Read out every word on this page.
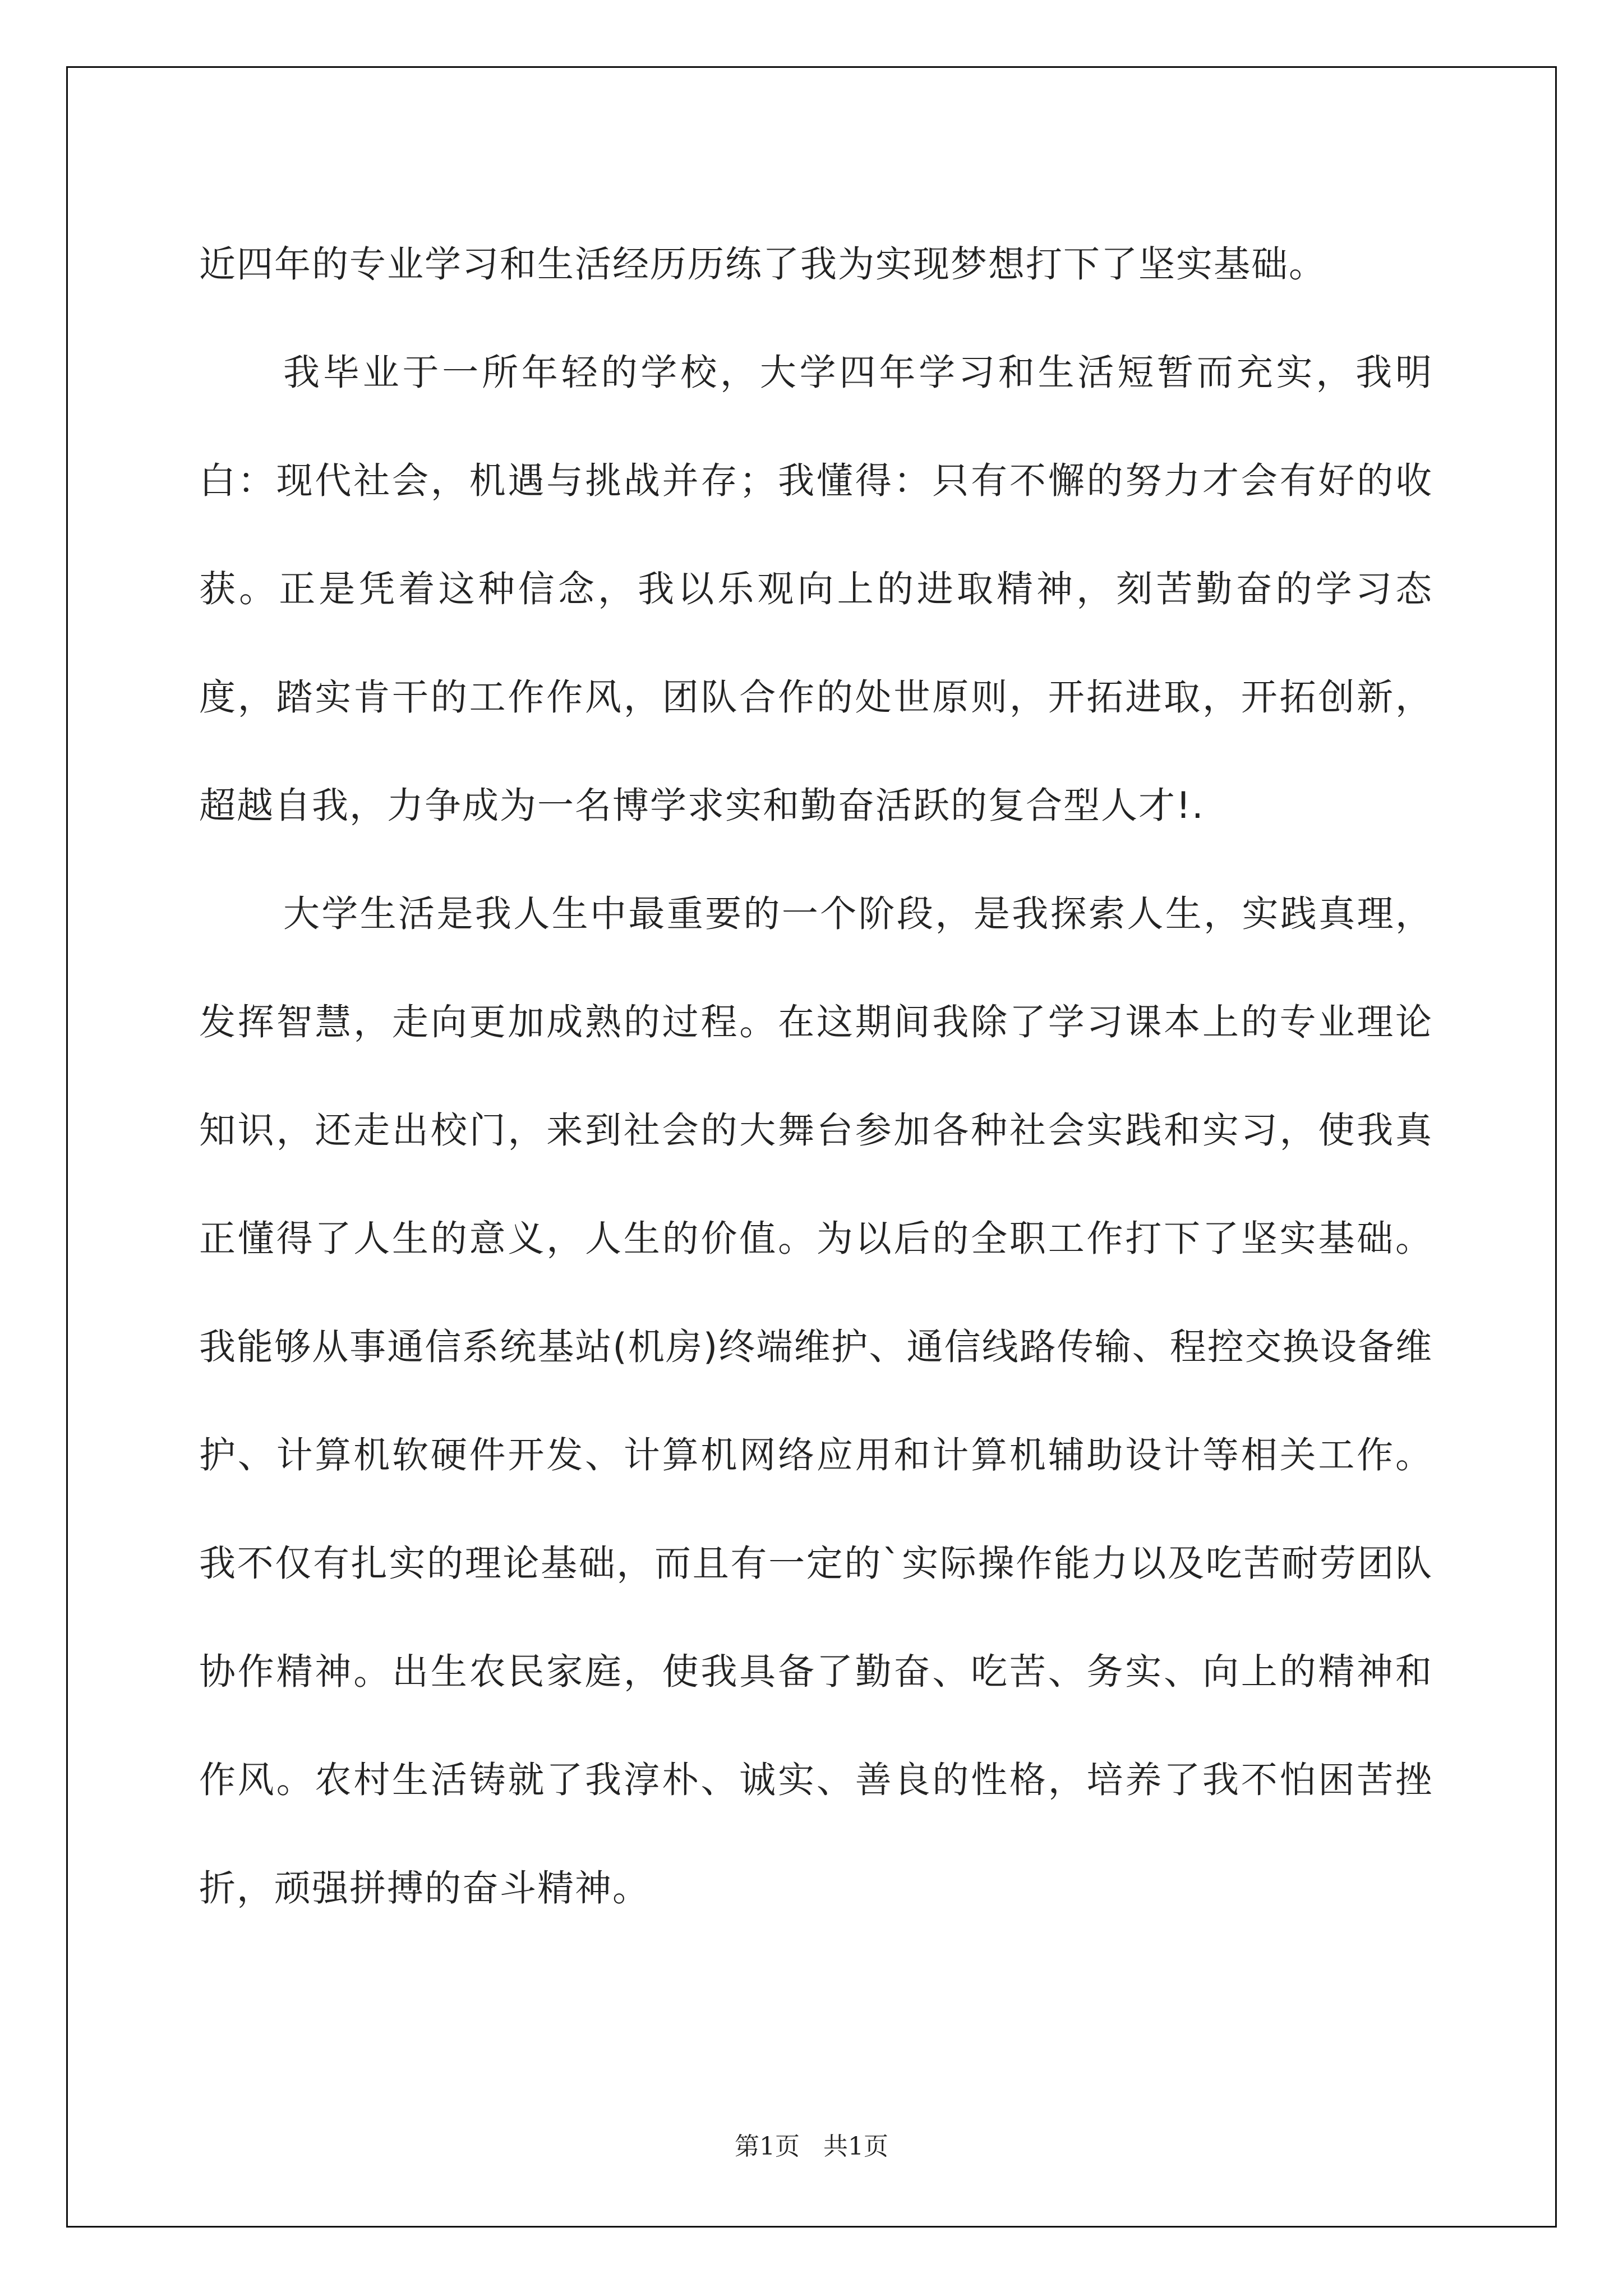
近四年的专业学习和生活经历历练了我为实现梦想打下了坚实基础。

我毕业于一所年轻的学校，大学四年学习和生活短暂而充实，我明白：现代社会，机遇与挑战并存；我懂得：只有不懈的努力才会有好的收获。正是凭着这种信念，我以乐观向上的进取精神，刻苦勤奋的学习态度，踏实肯干的工作作风，团队合作的处世原则，开拓进取，开拓创新，超越自我，力争成为一名博学求实和勤奋活跃的复合型人才!.

大学生活是我人生中最重要的一个阶段，是我探索人生，实践真理，发挥智慧，走向更加成熟的过程。在这期间我除了学习课本上的专业理论知识，还走出校门，来到社会的大舞台参加各种社会实践和实习，使我真正懂得了人生的意义，人生的价值。为以后的全职工作打下了坚实基础。我能够从事通信系统基站(机房)终端维护、通信线路传输、程控交换设备维护、计算机软硬件开发、计算机网络应用和计算机辅助设计等相关工作。我不仅有扎实的理论基础，而且有一定的`实际操作能力以及吃苦耐劳团队协作精神。出生农民家庭，使我具备了勤奋、吃苦、务实、向上的精神和作风。农村生活铸就了我淳朴、诚实、善良的性格，培养了我不怕困苦挫折，顽强拼搏的奋斗精神。

第1页   共1页
